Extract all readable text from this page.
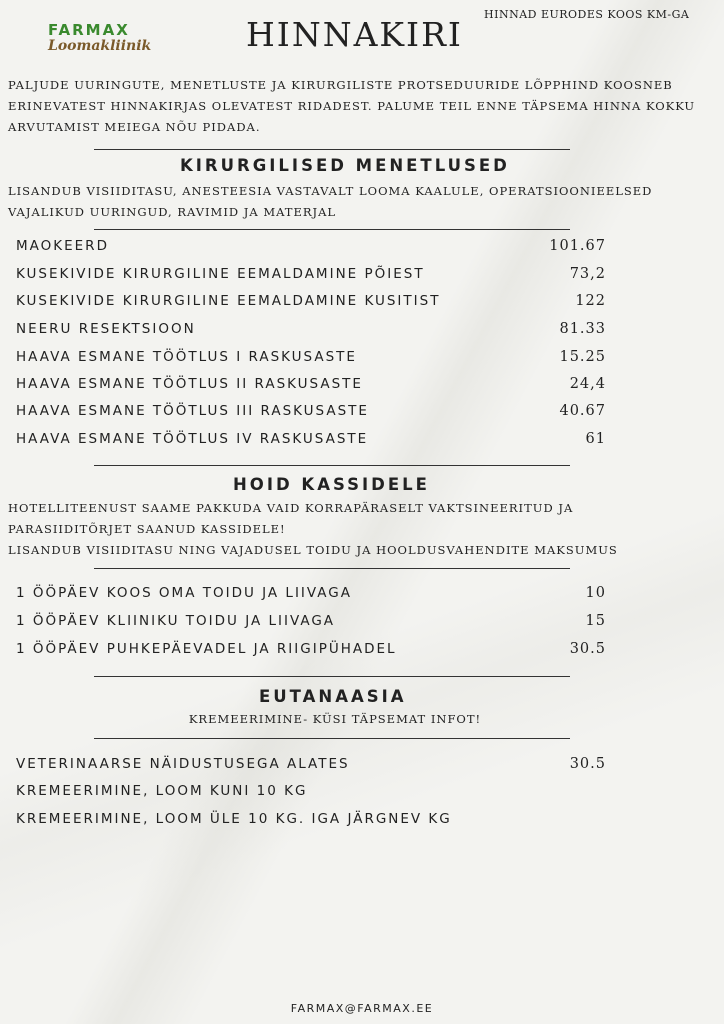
FARMAX
Loomakliinik	HINNAKIRI
HINNAD EURODES KOOS KM-GA

PALJUDE UURINGUTE, MENETLUSTE JA KIRURGILISTE PROTSEDUURIDE LÕPPHIND KOOSNEB ERINEVATEST HINNAKIRJAS OLEVATEST RIDADEST. PALUME TEIL ENNE TÄPSEMA HINNA KOKKU ARVUTAMIST MEIEGA NÕU PIDADA.

KIRURGILISED MENETLUSED

LISANDUB VISIIDITASU, ANESTEESIA VASTAVALT LOOMA KAALULE, OPERATSIOONIEELSED VAJALIKUD UURINGUD, RAVIMID JA MATERJAL

MAOKEERD	101.67
KUSEKIVIDE KIRURGILINE EEMALDAMINE PÕIEST	73,2
KUSEKIVIDE KIRURGILINE EEMALDAMINE KUSITIST	122
NEERU RESEKTSIOON	81.33
HAAVA ESMANE TÖÖTLUS I RASKUSASTE	15.25
HAAVA ESMANE TÖÖTLUS II RASKUSASTE	24,4
HAAVA ESMANE TÖÖTLUS III RASKUSASTE	40.67
HAAVA ESMANE TÖÖTLUS IV RASKUSASTE	61
HOID KASSIDELE

HOTELLITEENUST SAAME PAKKUDA VAID KORRAPÄRASELT VAKTSINEERITUD JA PARASIIDITÕRJET SAANUD KASSIDELE!

LISANDUB VISIIDITASU NING VAJADUSEL TOIDU JA HOOLDUSVAHENDITE MAKSUMUS

1 ÖÖPÄEV KOOS OMA TOIDU JA LIIVAGA	10
1 ÖÖPÄEV KLIINIKU TOIDU JA LIIVAGA	15
1 ÖÖPÄEV PUHKEPÄEVADEL JA RIIGIPÜHADEL	30.5
EUTANAASIA
KREMEERIMINE- KÜSI TÄPSEMAT INFOT!
VETERINAARSE NÄIDUSTUSEGA ALATES	30.5
KREMEERIMINE, LOOM KUNI 10 KG
KREMEERIMINE, LOOM ÜLE 10 KG. IGA JÄRGNEV KG
FARMAX@FARMAX.EE
